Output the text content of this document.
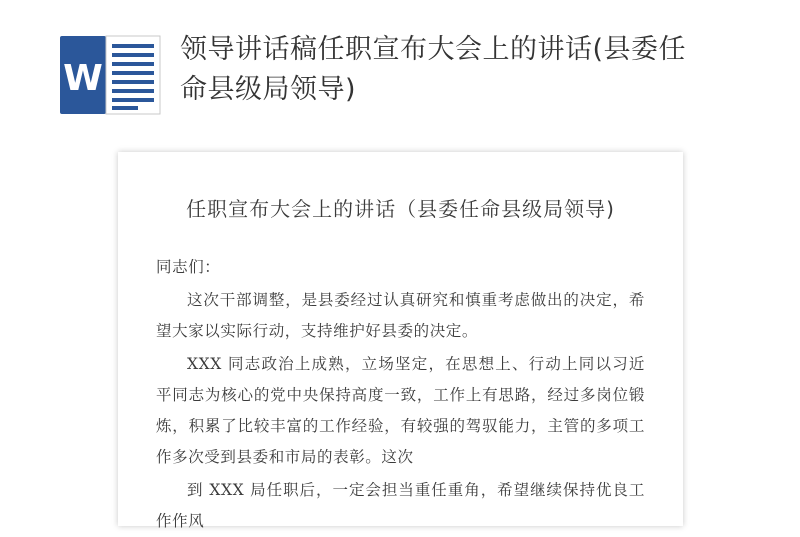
W
领导讲话稿任职宣布大会上的讲话(县委任命县级局领导)
任职宣布大会上的讲话（县委任命县级局领导)

同志们：

这次干部调整，是县委经过认真研究和慎重考虑做出的决定，希望大家以实际行动，支持维护好县委的决定。

XXX 同志政治上成熟，立场坚定，在思想上、行动上同以习近平同志为核心的党中央保持高度一致，工作上有思路，经过多岗位锻炼，积累了比较丰富的工作经验，有较强的驾驭能力，主管的多项工作多次受到县委和市局的表彰。这次

到 XXX 局任职后，一定会担当重任重角，希望继续保持优良工作作风
